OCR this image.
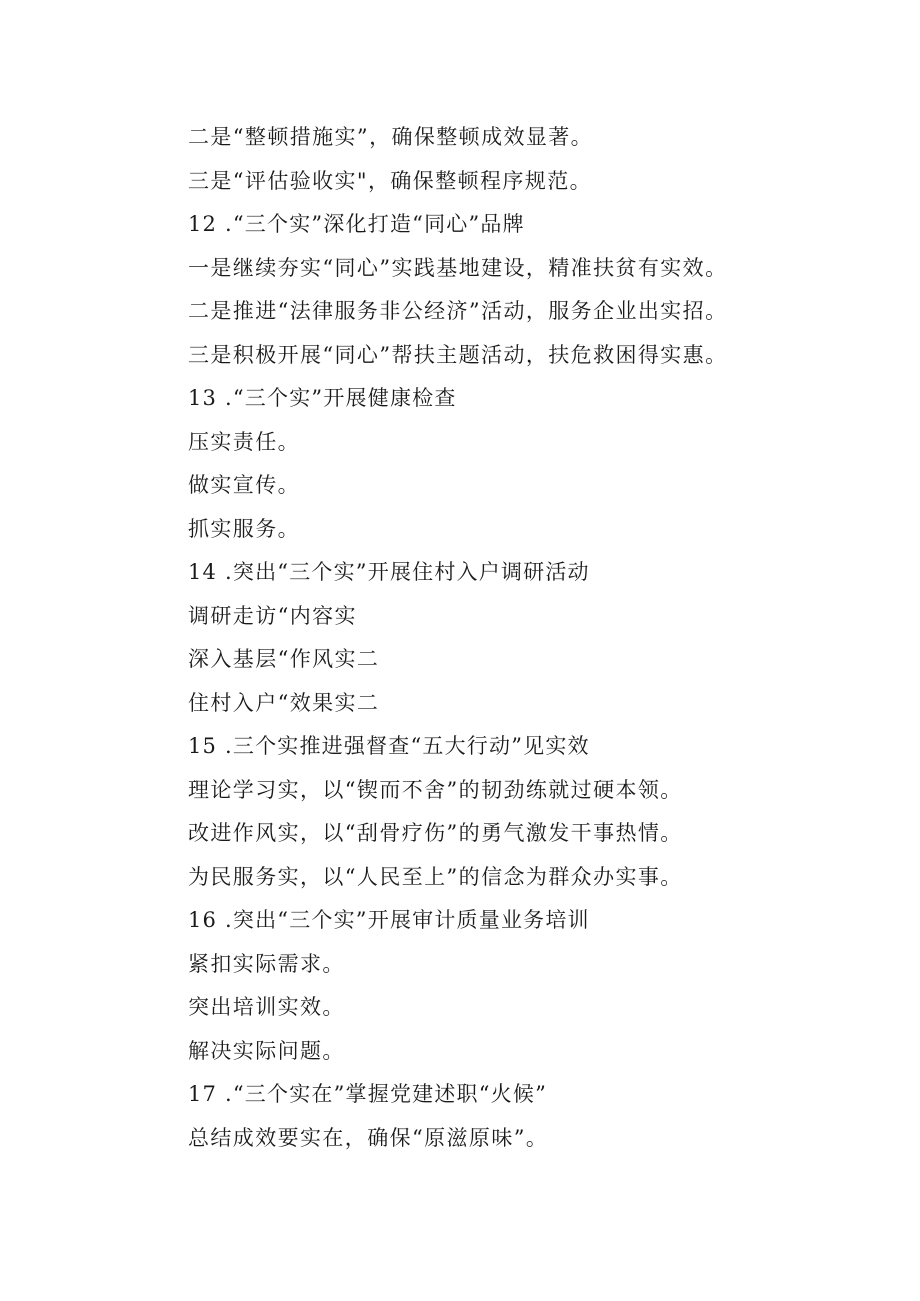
二是“整顿措施实”，确保整顿成效显著。
三是“评估验收实"，确保整顿程序规范。
12 .“三个实”深化打造“同心”品牌
一是继续夯实“同心”实践基地建设，精准扶贫有实效。
二是推进“法律服务非公经济”活动，服务企业出实招。
三是积极开展“同心”帮扶主题活动，扶危救困得实惠。
13 .“三个实”开展健康检查
压实责任。
做实宣传。
抓实服务。
14 .突出“三个实”开展住村入户调研活动
调研走访“内容实
深入基层“作风实二
住村入户“效果实二
15 .三个实推进强督查“五大行动”见实效
理论学习实，以“锲而不舍”的韧劲练就过硬本领。
改进作风实，以“刮骨疗伤”的勇气激发干事热情。
为民服务实，以“人民至上”的信念为群众办实事。
16 .突出“三个实”开展审计质量业务培训
紧扣实际需求。
突出培训实效。
解决实际问题。
17 .“三个实在”掌握党建述职“火候”
总结成效要实在，确保“原滋原味”。
